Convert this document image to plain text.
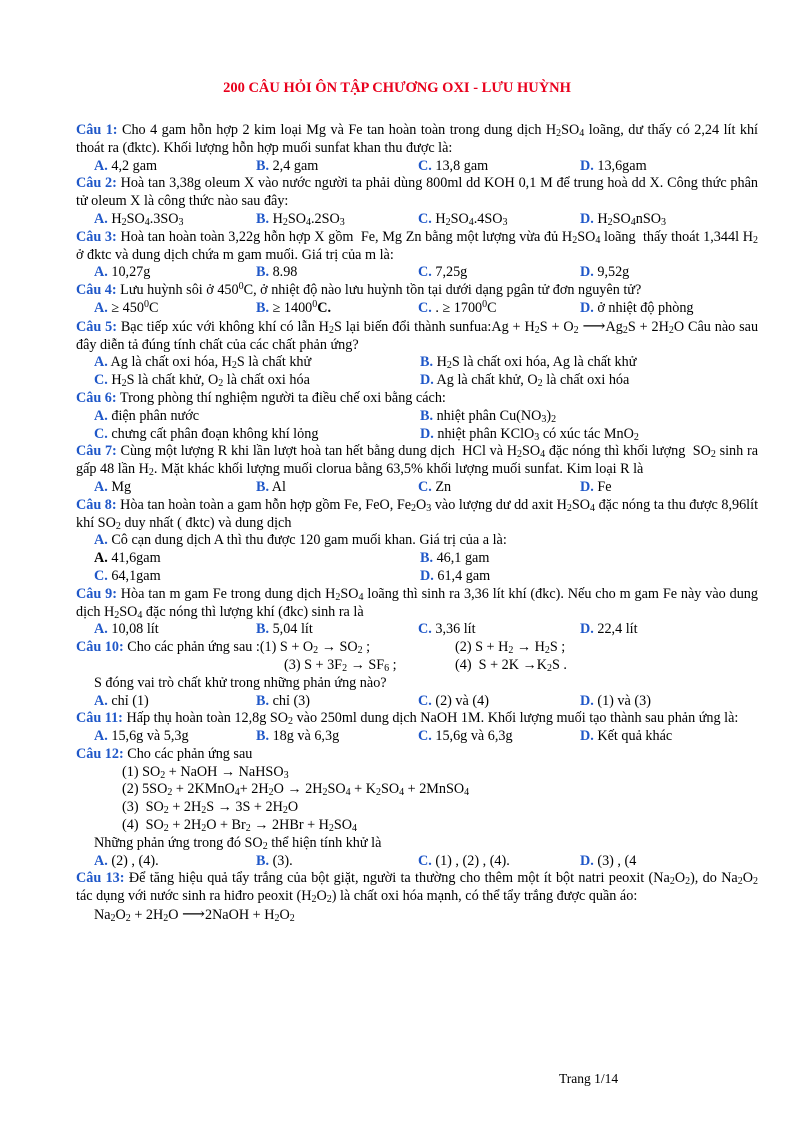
200 CÂU HỎI ÔN TẬP CHƯƠNG OXI - LƯU HUỲNH
Câu 1: Cho 4 gam hỗn hợp 2 kim loại Mg và Fe tan hoàn toàn trong dung dịch $H_2SO_4$ loãng, dư thấy có 2,24 lít khí thoát ra (đktc). Khối lượng hỗn hợp muối sunfat khan thu được là:
A. 4,2 gam	B. 2,4 gam	C. 13,8 gam	D. 13,6gam
Câu 2: Hoà tan 3,38g oleum X vào nước người ta phải dùng 800ml dd KOH 0,1 M để trung hoà dd X. Công thức phân tử oleum X là công thức nào sau đây:
A. $H_2SO_4.3SO_3$	B. $H_2SO_4.2SO_3$	C. $H_2SO_4.4SO_3$	D. $H_2SO_4nSO_3$
Câu 3: Hoà tan hoàn toàn 3,22g hỗn hợp X gồm  Fe, Mg Zn bằng một lượng vừa đủ $H_2SO_4$ loãng  thấy thoát 1,344l $H_2$ ở đktc và dung dịch chứa m gam muối. Giá trị của m là:
A. 10,27g	B. 8.98	C. 7,25g	D. 9,52g
Câu 4: Lưu huỳnh sôi ở $450^0C$, ở nhiệt độ nào lưu huỳnh tồn tại dưới dạng pgân tử đơn nguyên tử?
A. ≥ $450^0C$	B. ≥ $1400^0C$.	C. . ≥ $1700^0C$	D. ở nhiệt độ phòng
Câu 5: Bạc tiếp xúc với không khí có lẫn $H_2S$ lại biến đổi thành sunfua:Ag + $H_2S + O_2$ $⟶Ag_2S + 2H_2O$ Câu nào sau đây diễn tả đúng tính chất của các chất phản ứng?
A. Ag là chất oxi hóa, $H_2S$ là chất khử	B. $H_2S$ là chất oxi hóa, Ag là chất khử
C. $H_2S$ là chất khử, $O_2$ là chất oxi hóa	D. Ag là chất khử, $O_2$ là chất oxi hóa
Câu 6: Trong phòng thí nghiệm người ta điều chế oxi bằng cách:
A. điện phân nước	B. nhiệt phân $Cu(NO_3)_2$
C. chưng cất phân đoạn không khí lỏng	D. nhiệt phân KClO$_3$ có xúc tác MnO$_2$
Câu 7: Cùng một lượng R khi lần lượt hoà tan hết bằng dung dịch  HCl và $H_2SO_4$ đặc nóng thì khối lượng  $SO_2$ sinh ra gấp 48 lần $H_2$. Mặt khác khối lượng muối clorua bằng 63,5% khối lượng muối sunfat. Kim loại R là
A. Mg	B. Al	C. Zn	D. Fe
Câu 8: Hòa tan hoàn toàn a gam hỗn hợp gồm Fe, FeO, $Fe_2O_3$ vào lượng dư dd axit $H_2SO_4$ đặc nóng ta thu được 8,96lít khí $SO_2$ duy nhất ( đktc) và dung dịch
A. Cô cạn dung dịch A thì thu được 120 gam muối khan. Giá trị của a là:
A. 41,6gam	B. 46,1 gam
C. 64,1gam	D. 61,4 gam
Câu 9: Hòa tan m gam Fe trong dung dịch $H_2SO_4$ loãng thì sinh ra 3,36 lít khí (đkc). Nếu cho m gam Fe này vào dung dịch $H_2SO_4$ đặc nóng thì lượng khí (đkc) sinh ra là
A. 10,08 lít	B. 5,04 lít	C. 3,36 lít	D. 22,4 lít
Câu 10: Cho các phản ứng sau :(1) $S + O_2 \to SO_2$ ;	(2) $S + H_2 \to H_2S$ ;
(3) $S + 3F_2 \to SF_6$ ;	(4)  $S + 2K \to K_2S$ .
S đóng vai trò chất khử trong những phản ứng nào?
A. chỉ (1)	B. chỉ (3)	C. (2) và (4)	D. (1) và (3)
Câu 11: Hấp thụ hoàn toàn 12,8g $SO_2$ vào 250ml dung dịch NaOH 1M. Khối lượng muối tạo thành sau phản ứng là:
A. 15,6g và 5,3g	B. 18g và 6,3g	C. 15,6g và 6,3g	D. Kết quả khác
Câu 12: Cho các phản ứng sau
(1) $SO_2$ + NaOH → NaHSO$_3$
(2) $5SO_2$ + 2KMnO$_4$+ $2H_2O \to 2H_2SO_4 + K_2SO_4$ + 2MnSO$_4$
(3)  $SO_2 + 2H_2S \to 3S + 2H_2O$
(4)  $SO_2 + 2H_2O + Br_2 \to 2HBr + H_2SO_4$
Những phản ứng trong đó $SO_2$ thể hiện tính khử là
A. (2) , (4).	B. (3).	C. (1) , (2) , (4).	D. (3) , (4
Câu 13: Để tăng hiệu quả tẩy trắng của bột giặt, người ta thường cho thêm một ít bột natri peoxit $(Na_2O_2)$, do $Na_2O_2$ tác dụng với nước sinh ra hiđro peoxit $(H_2O_2)$ là chất oxi hóa mạnh, có thể tẩy trắng được quần áo:
$Na_2O_2 + 2H_2O$ ⟶2NaOH + $H_2O_2$
Trang 1/14
